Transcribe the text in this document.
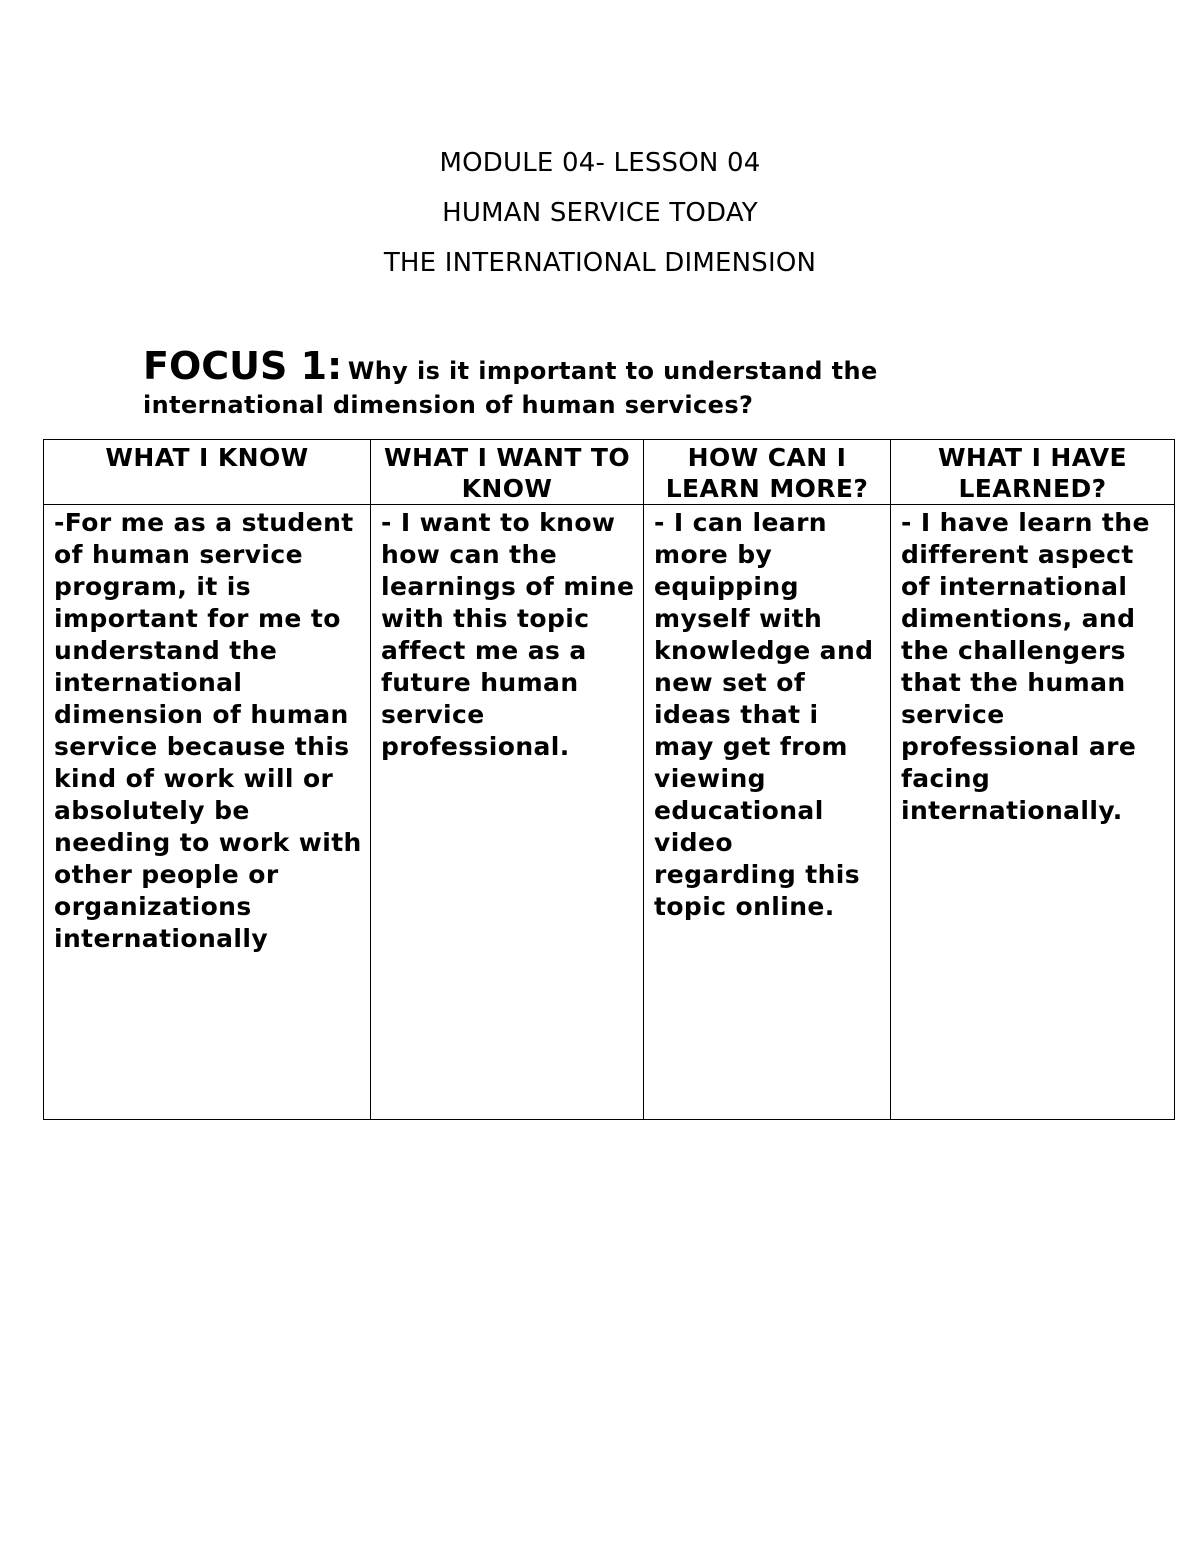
MODULE 04- LESSON 04
HUMAN SERVICE TODAY
THE INTERNATIONAL DIMENSION
FOCUS 1: Why is it important to understand the
international dimension of human services?
WHAT I KNOW	WHAT I WANT TO KNOW	HOW CAN I LEARN MORE?	WHAT I HAVE LEARNED?
-For me as a student of human service program, it is important for me to understand the international dimension of human service because this kind of work will or absolutely be needing to work with other people or organizations internationally	- I want to know how can the learnings of mine with this topic affect me as a future human service professional.	- I can learn more by equipping myself with knowledge and new set of ideas that i may get from viewing educational video regarding this topic online.	- I have learn the different aspect of international dimentions, and the challengers that the human service professional are facing internationally.
